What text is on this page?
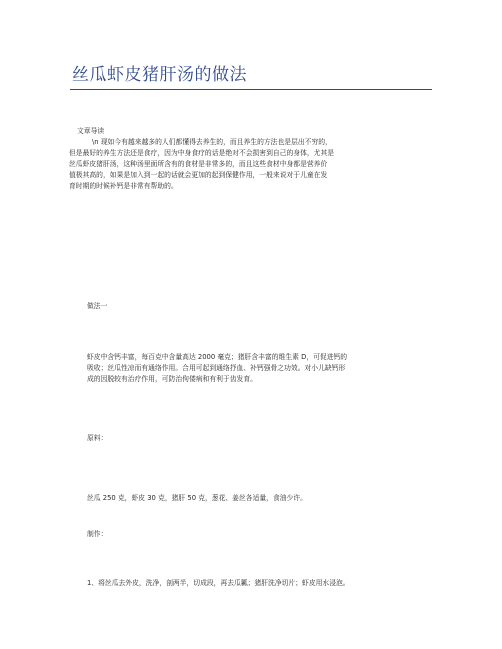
丝瓜虾皮猪肝汤的做法
文章导读
\n 现如今有越来越多的人们都懂得去养生的，而且养生的方法也是层出不穷的，
但是最好的养生方法还是食疗，因为中身食疗的话是绝对不会损害到自己的身体，尤其是
丝瓜虾皮猪肝汤，这种汤里面所含有的食材是非常多的，而且这些食材中身都是营养价
值极其高的，如果是加入到一起的话就会更加的起到保健作用，一般来说对于儿童在发
育时期的时候补钙是非常有帮助的。
做法一
虾皮中含钙丰富，每百克中含量高达 2000 毫克；猪肝含丰富的维生素 D，可促进钙的
吸收；丝瓜性凉而有通络作用。合用可起到通络抒血、补钙强骨之功效。对小儿缺钙形
成的因脱较有治疗作用，可防治佝偻病和有利于齿发育。
原料：
丝瓜 250 克，虾皮 30 克，猪肝 50 克，葱花、姜丝各适量，食油少许。
制作：
1、将丝瓜去外皮，洗净，剖两半，切成段，再去瓜瓤；猪肝洗净切片；虾皮用水浸泡。
